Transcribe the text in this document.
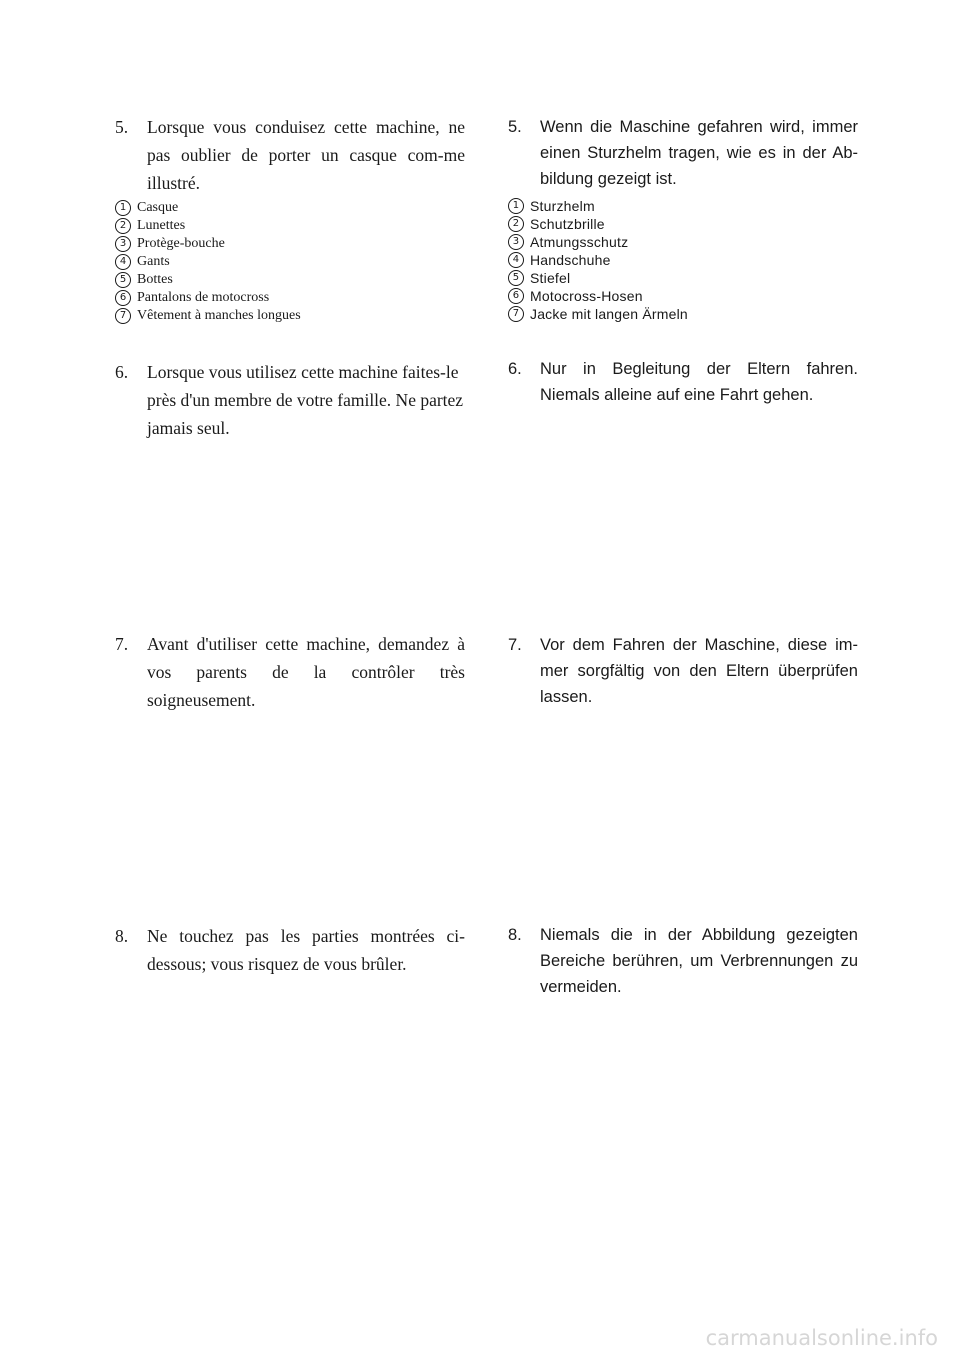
5. Lorsque vous conduisez cette machine, ne pas oublier de porter un casque com-me illustré.
1 Casque
2 Lunettes
3 Protège-bouche
4 Gants
5 Bottes
6 Pantalons de motocross
7 Vêtement à manches longues
6. Lorsque vous utilisez cette machine faites-le près d'un membre de votre famille. Ne partez jamais seul.
7. Avant d'utiliser cette machine, demandez à vos parents de la contrôler très soigneusement.
8. Ne touchez pas les parties montrées ci-dessous; vous risquez de vous brûler.
5. Wenn die Maschine gefahren wird, immer einen Sturzhelm tragen, wie es in der Ab-bildung gezeigt ist.
1 Sturzhelm
2 Schutzbrille
3 Atmungsschutz
4 Handschuhe
5 Stiefel
6 Motocross-Hosen
7 Jacke mit langen Ärmeln
6. Nur in Begleitung der Eltern fahren. Niemals alleine auf eine Fahrt gehen.
7. Vor dem Fahren der Maschine, diese im-mer sorgfältig von den Eltern überprüfen lassen.
8. Niemals die in der Abbildung gezeigten Bereiche berühren, um Verbrennungen zu vermeiden.
carmanualsonline.info
